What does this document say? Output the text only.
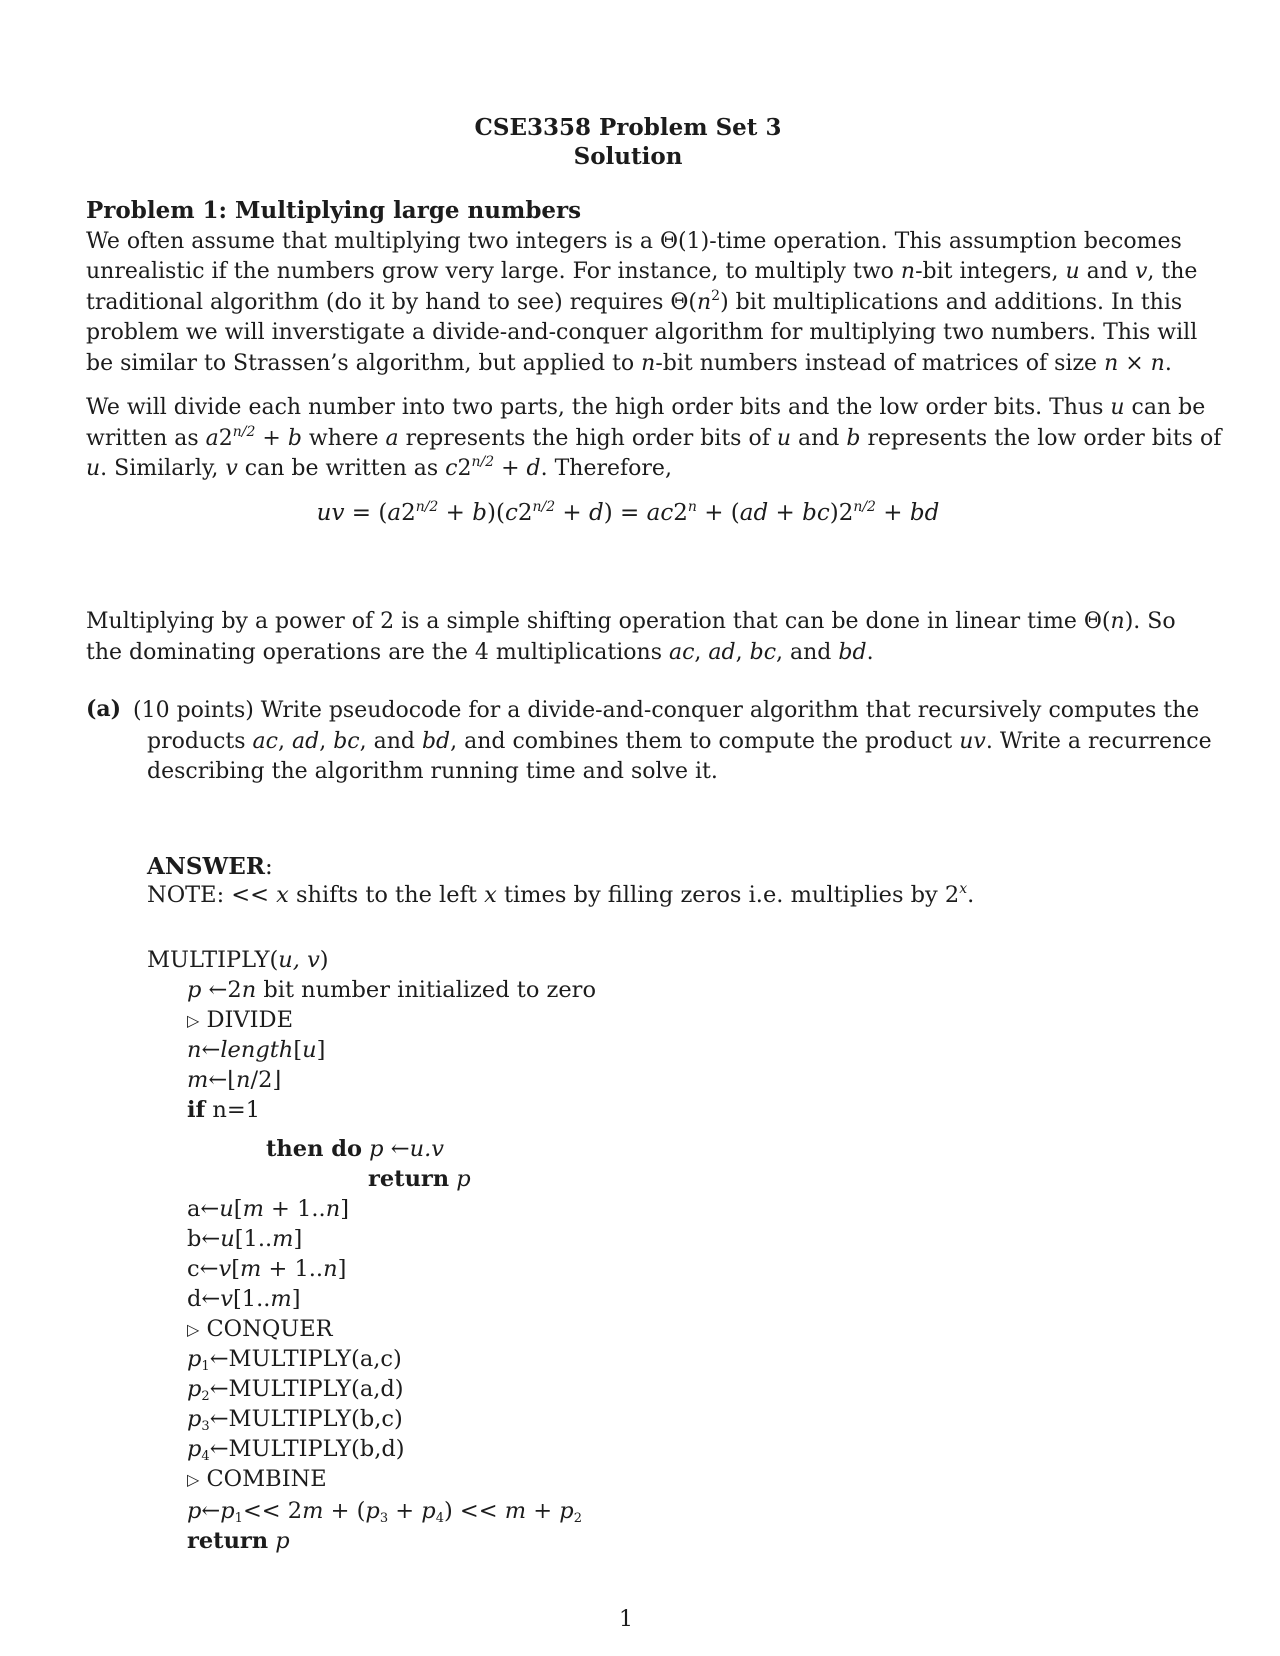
CSE3358 Problem Set 3
Solution
Problem 1: Multiplying large numbers
We often assume that multiplying two integers is a Θ(1)-time operation. This assumption becomes
unrealistic if the numbers grow very large. For instance, to multiply two n-bit integers, u and v, the
traditional algorithm (do it by hand to see) requires $\Theta(n^2)$ bit multiplications and additions. In this
problem we will inverstigate a divide-and-conquer algorithm for multiplying two numbers. This will
be similar to Strassen’s algorithm, but applied to n-bit numbers instead of matrices of size n × n.
We will divide each number into two parts, the high order bits and the low order bits. Thus u can be
written as $a2^{n/2} + b$ where a represents the high order bits of u and b represents the low order bits of
u. Similarly, v can be written as $c2^{n/2} + d$. Therefore,
uv = $(a2^{n/2} + b)(c2^{n/2} + d) = ac2^n + (ad + bc)2^{n/2}$ + bd
Multiplying by a power of 2 is a simple shifting operation that can be done in linear time Θ(n). So
the dominating operations are the 4 multiplications ac, ad, bc, and bd.
(a) (10 points) Write pseudocode for a divide-and-conquer algorithm that recursively computes the
products ac, ad, bc, and bd, and combines them to compute the product uv. Write a recurrence
describing the algorithm running time and solve it.
ANSWER:
NOTE: << x shifts to the left x times by filling zeros i.e. multiplies by 2$^x$.
MULTIPLY(u, v)
p ←2n bit number initialized to zero
▷ DIVIDE
n←length[u]
m←⌊n/2⌋
if n=1
then do p ←u.v
return p
a←u[m + 1..n]
b←u[1..m]
c←v[m + 1..n]
d←v[1..m]
▷ CONQUER
$p_1\leftarrow MULTIPLY(a,c)$
$p_2\leftarrow MULTIPLY(a,d)$
$p_3\leftarrow MULTIPLY(b,c)$
$p_4\leftarrow MULTIPLY(b,d)$
▷ COMBINE
$p\leftarrow p_1<< 2m + (p_3 + p_4) << m + p_2$
return p
1
